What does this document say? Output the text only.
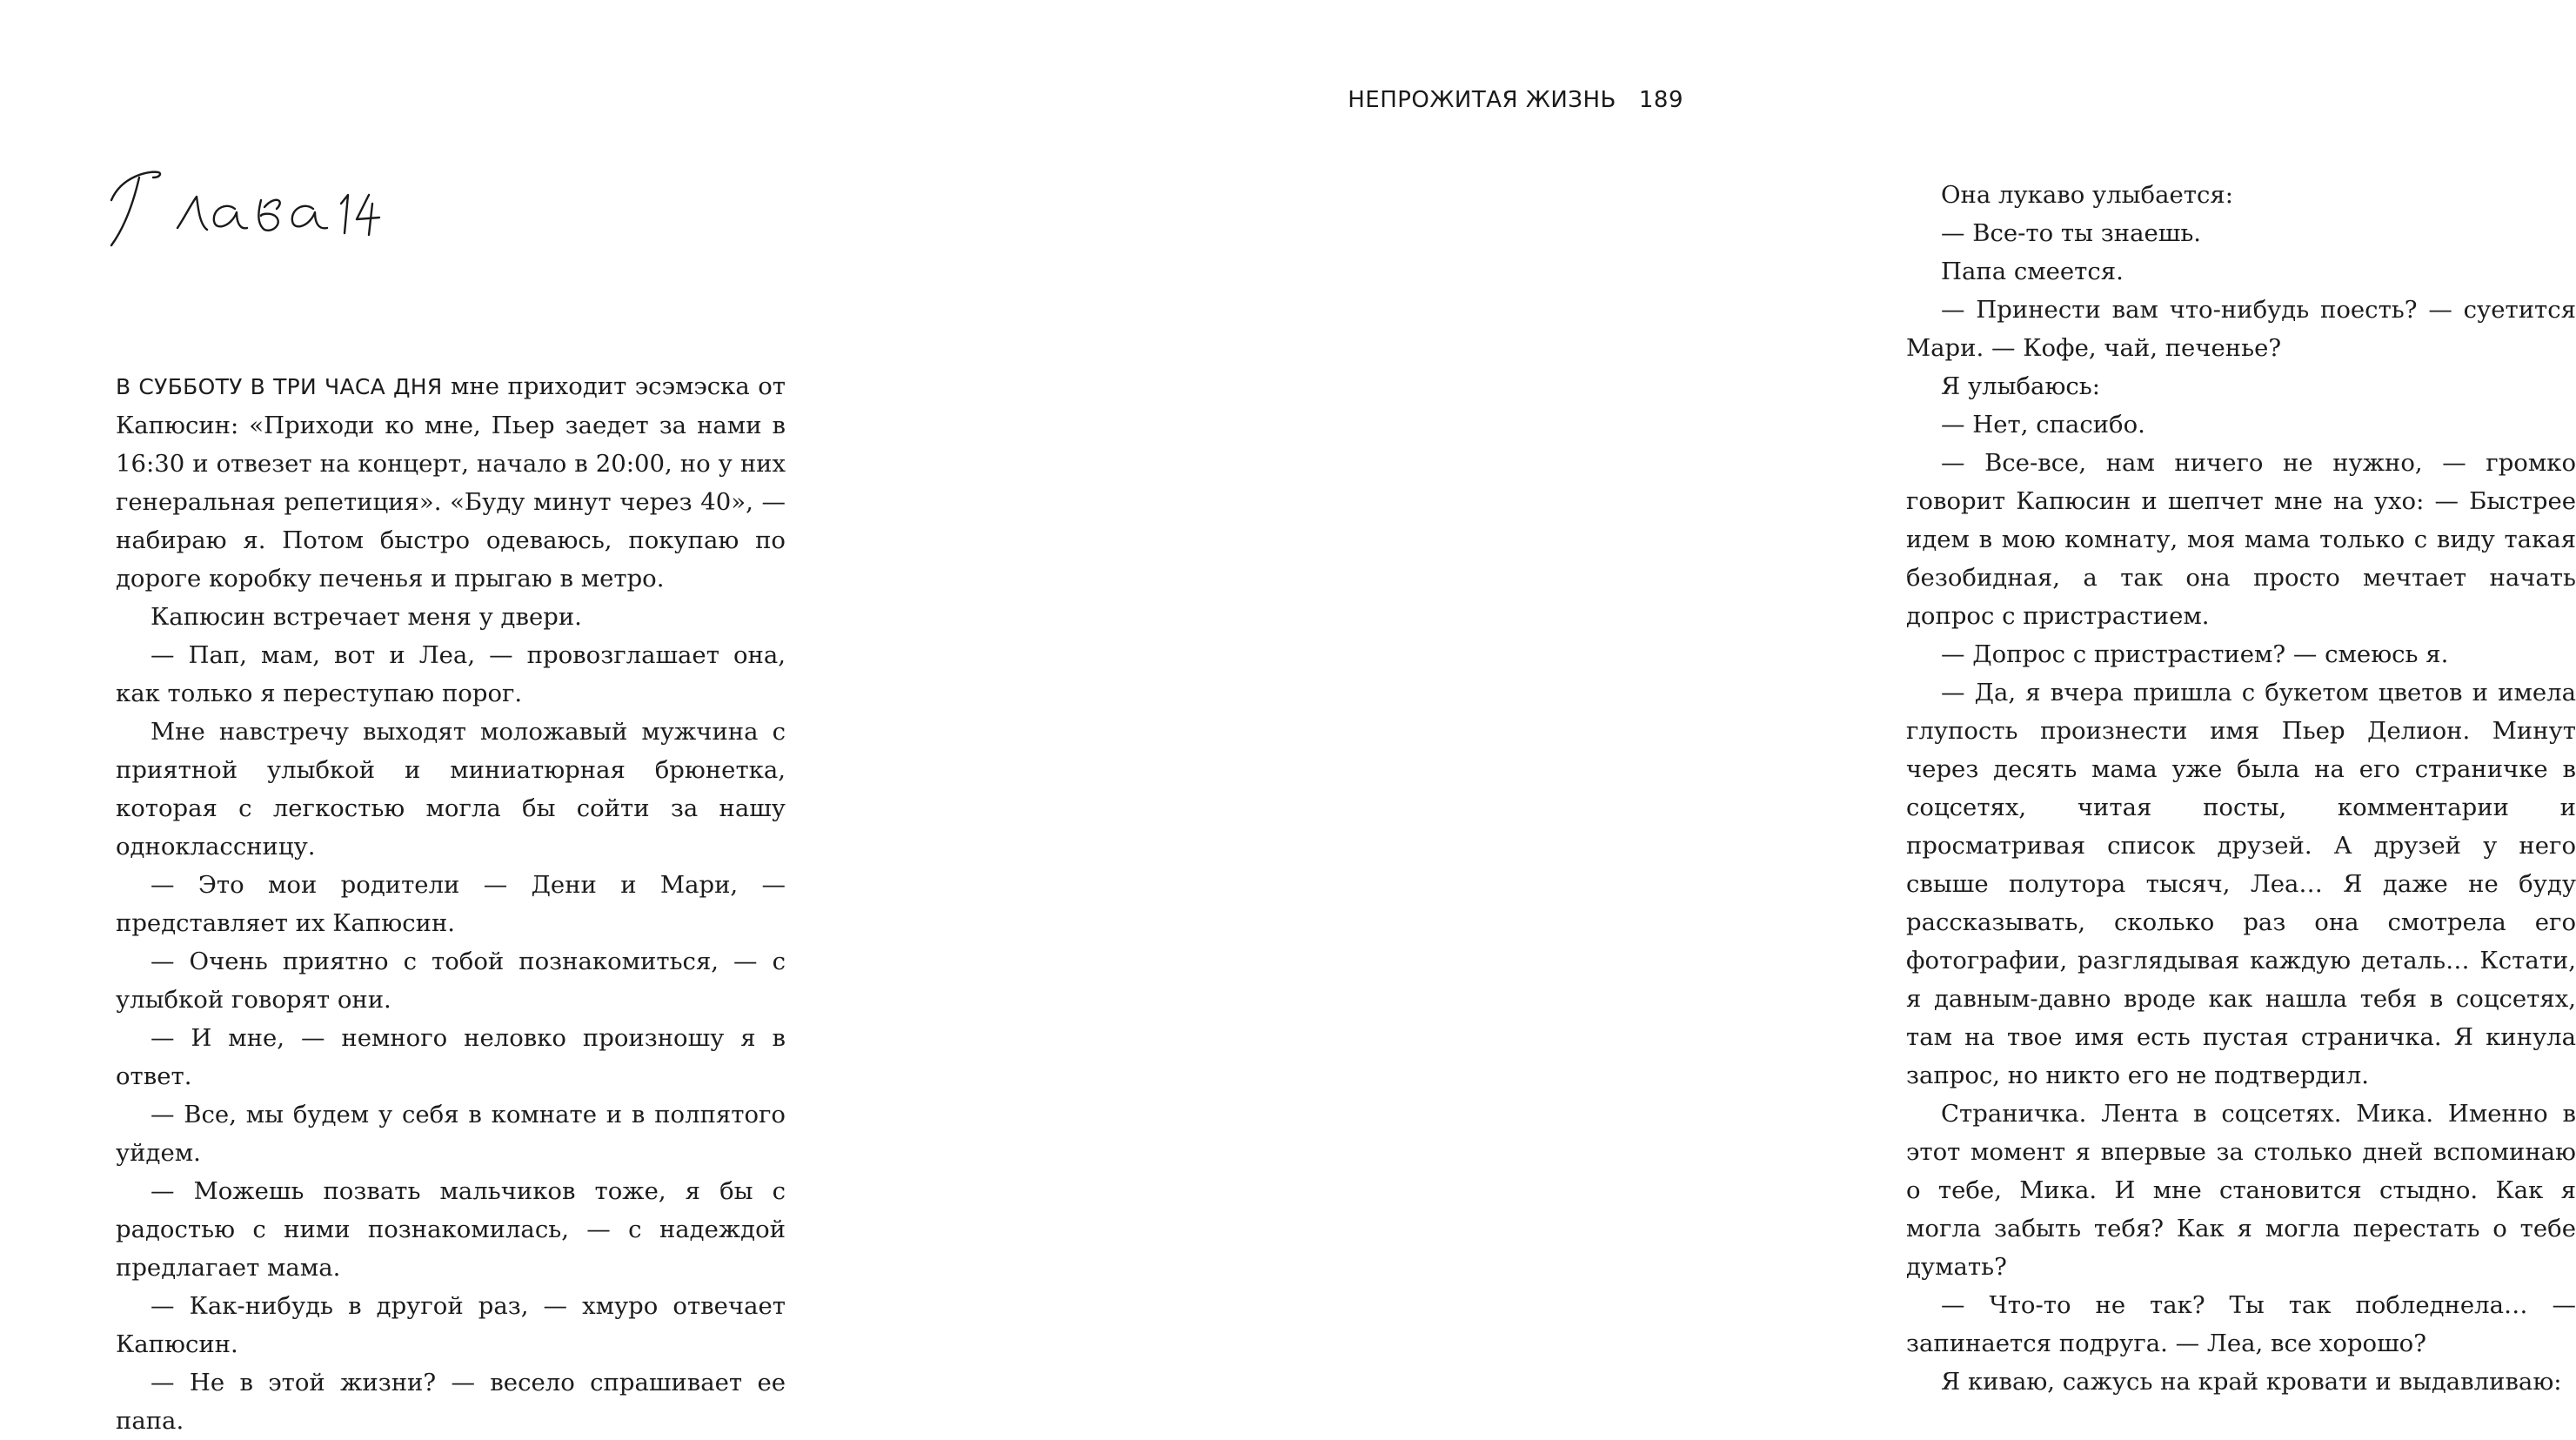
В СУББОТУ В ТРИ ЧАСА ДНЯ мне приходит эсэмэска от Капюсин: «Приходи ко мне, Пьер заедет за нами в 16:30 и отвезет на концерт, начало в 20:00, но у них генеральная репетиция». «Буду минут через 40», — набираю я. Потом быстро одеваюсь, покупаю по дороге коробку печенья и прыгаю в метро.

Капюсин встречает меня у двери.

— Пап, мам, вот и Леа, — провозглашает она, как только я переступаю порог.

Мне навстречу выходят моложавый мужчина с приятной улыбкой и миниатюрная брюнетка, которая с легкостью могла бы сойти за нашу одноклассницу.

— Это мои родители — Дени и Мари, — представляет их Капюсин.

— Очень приятно с тобой познакомиться, — с улыбкой говорят они.

— И мне, — немного неловко произношу я в ответ.

— Все, мы будем у себя в комнате и в полпятого уйдем.

— Можешь позвать мальчиков тоже, я бы с радостью с ними познакомилась, — с надеждой предлагает мама.

— Как-нибудь в другой раз, — хмуро отвечает Капюсин.

— Не в этой жизни? — весело спрашивает ее папа.

НЕПРОЖИТАЯ ЖИЗНЬ 189

Она лукаво улыбается:

— Все-то ты знаешь.

Папа смеется.

— Принести вам что-нибудь поесть? — суетится Мари. — Кофе, чай, печенье?

Я улыбаюсь:

— Нет, спасибо.

— Все-все, нам ничего не нужно, — громко говорит Капюсин и шепчет мне на ухо: — Быстрее идем в мою комнату, моя мама только с виду такая безобидная, а так она просто мечтает начать допрос с пристрастием.

— Допрос с пристрастием? — смеюсь я.

— Да, я вчера пришла с букетом цветов и имела глупость произнести имя Пьер Делион. Минут через десять мама уже была на его страничке в соцсетях, читая посты, комментарии и просматривая список друзей. А друзей у него свыше полутора тысяч, Леа… Я даже не буду рассказывать, сколько раз она смотрела его фотографии, разглядывая каждую деталь… Кстати, я давным-давно вроде как нашла тебя в соцсетях, там на твое имя есть пустая страничка. Я кинула запрос, но никто его не подтвердил.

Страничка. Лента в соцсетях. Мика. Именно в этот момент я впервые за столько дней вспоминаю о тебе, Мика. И мне становится стыдно. Как я могла забыть тебя? Как я могла перестать о тебе думать?

— Что-то не так? Ты так побледнела… — запинается подруга. — Леа, все хорошо?

Я киваю, сажусь на край кровати и выдавливаю:
